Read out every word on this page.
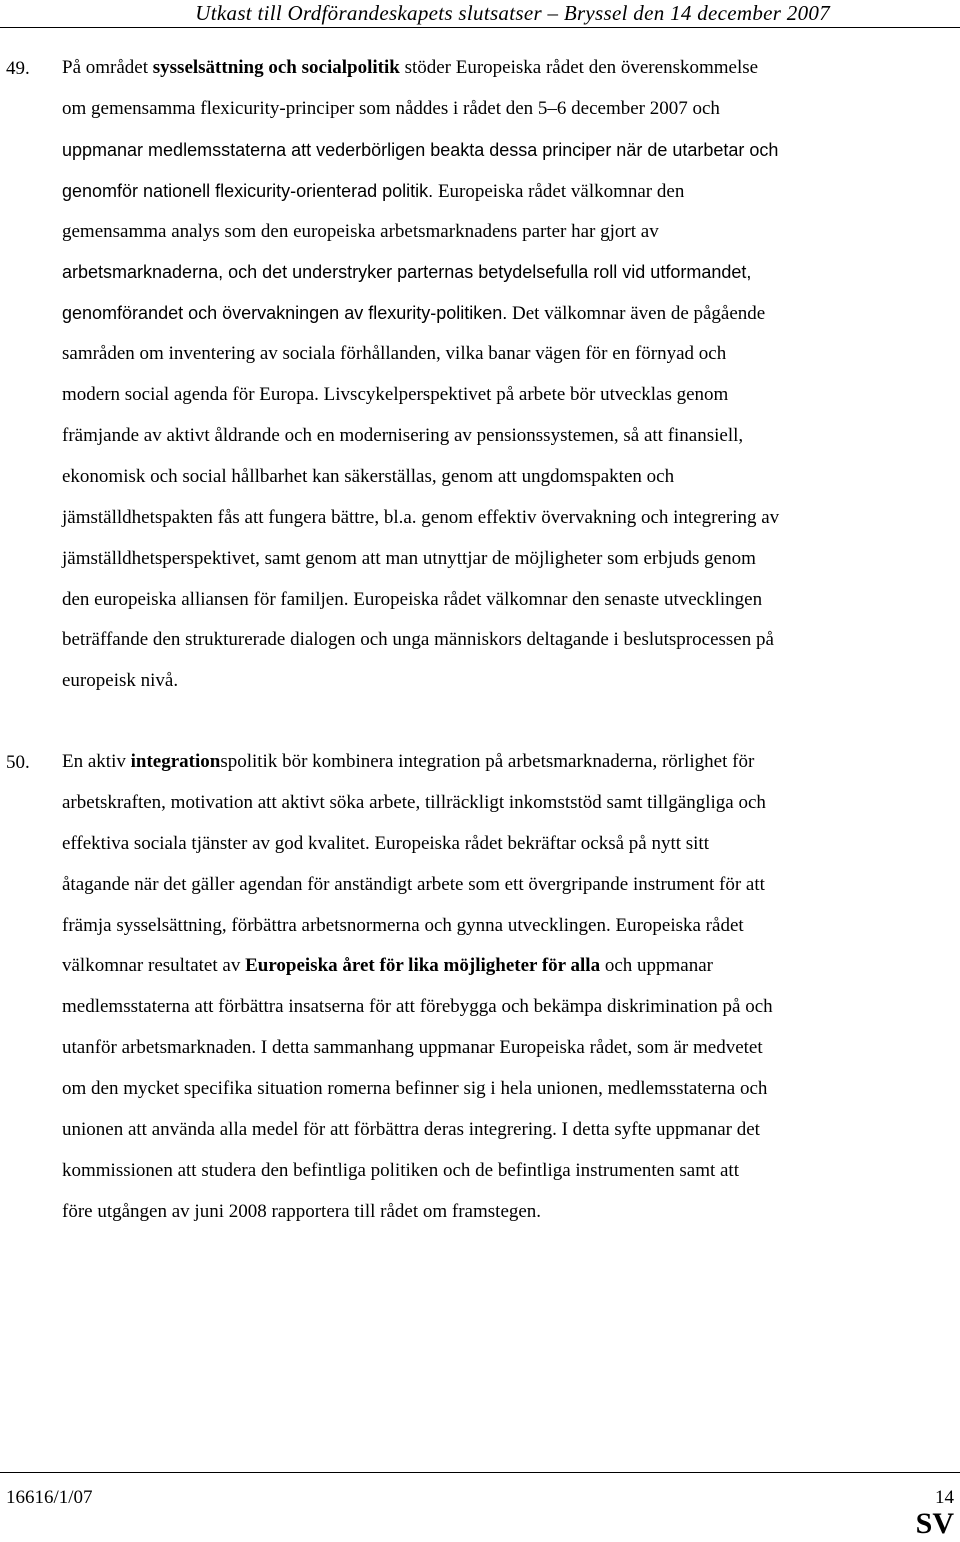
Utkast till Ordförandeskapets slutsatser – Bryssel den 14 december 2007
49. På området sysselsättning och socialpolitik stöder Europeiska rådet den överenskommelse
om gemensamma flexicurity-principer som nåddes i rådet den 5–6 december 2007 och
uppmanar medlemsstaterna att vederbörligen beakta dessa principer när de utarbetar och
genomför nationell flexicurity-orienterad politik. Europeiska rådet välkomnar den
gemensamma analys som den europeiska arbetsmarknadens parter har gjort av
arbetsmarknaderna, och det understryker parternas betydelsefulla roll vid utformandet,
genomförandet och övervakningen av flexurity-politiken. Det välkomnar även de pågående
samråden om inventering av sociala förhållanden, vilka banar vägen för en förnyad och
modern social agenda för Europa. Livscykelperspektivet på arbete bör utvecklas genom
främjande av aktivt åldrande och en modernisering av pensionssystemen, så att finansiell,
ekonomisk och social hållbarhet kan säkerställas, genom att ungdomspakten och
jämställdhetspakten fås att fungera bättre, bl.a. genom effektiv övervakning och integrering av
jämställdhetsperspektivet, samt genom att man utnyttjar de möjligheter som erbjuds genom
den europeiska alliansen för familjen. Europeiska rådet välkomnar den senaste utvecklingen
beträffande den strukturerade dialogen och unga människors deltagande i beslutsprocessen på
europeisk nivå.
50. En aktiv integrationspolitik bör kombinera integration på arbetsmarknaderna, rörlighet för
arbetskraften, motivation att aktivt söka arbete, tillräckligt inkomststöd samt tillgängliga och
effektiva sociala tjänster av god kvalitet. Europeiska rådet bekräftar också på nytt sitt
åtagande när det gäller agendan för anständigt arbete som ett övergripande instrument för att
främja sysselsättning, förbättra arbetsnormerna och gynna utvecklingen. Europeiska rådet
välkomnar resultatet av Europeiska året för lika möjligheter för alla och uppmanar
medlemsstaterna att förbättra insatserna för att förebygga och bekämpa diskrimination på och
utanför arbetsmarknaden. I detta sammanhang uppmanar Europeiska rådet, som är medvetet
om den mycket specifika situation romerna befinner sig i hela unionen, medlemsstaterna och
unionen att använda alla medel för att förbättra deras integrering. I detta syfte uppmanar det
kommissionen att studera den befintliga politiken och de befintliga instrumenten samt att
före utgången av juni 2008 rapportera till rådet om framstegen.
16616/1/07	14
SV
